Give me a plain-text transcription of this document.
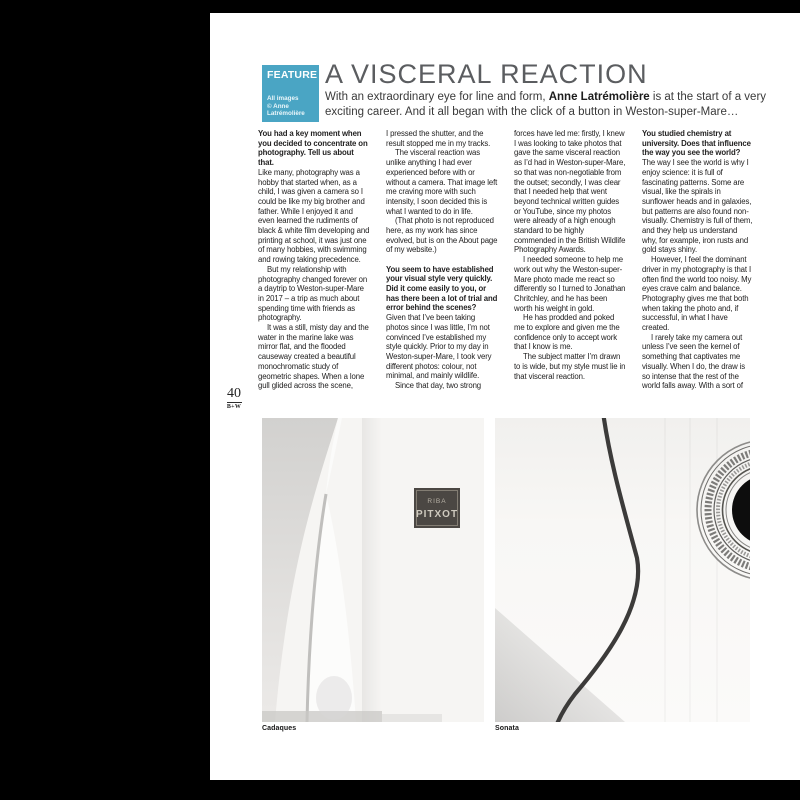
FEATURE
All images
© Anne
Latrémolière
A VISCERAL REACTION

With an extraordinary eye for line and form, Anne Latrémolière is at the start of a very exciting career. And it all began with the click of a button in Weston-super-Mare…

40
B+W

You had a key moment when you decided to concentrate on photography. Tell us about that.

Like many, photography was a hobby that started when, as a child, I was given a camera so I could be like my big brother and father. While I enjoyed it and even learned the rudiments of black & white film developing and printing at school, it was just one of many hobbies, with swimming and rowing taking precedence.

But my relationship with photography changed forever on a daytrip to Weston-super-Mare in 2017 – a trip as much about spending time with friends as photography.

It was a still, misty day and the water in the marine lake was mirror flat, and the flooded causeway created a beautiful monochromatic study of geometric shapes. When a lone gull glided across the scene,

I pressed the shutter, and the result stopped me in my tracks.

The visceral reaction was unlike anything I had ever experienced before with or without a camera. That image left me craving more with such intensity, I soon decided this is what I wanted to do in life.

(That photo is not reproduced here, as my work has since evolved, but is on the About page of my website.)

You seem to have established your visual style very quickly. Did it come easily to you, or has there been a lot of trial and error behind the scenes?

Given that I’ve been taking photos since I was little, I’m not convinced I’ve established my style quickly. Prior to my day in Weston-super-Mare, I took very different photos: colour, not minimal, and mainly wildlife.

Since that day, two strong

forces have led me: firstly, I knew I was looking to take photos that gave the same visceral reaction as I’d had in Weston-super-Mare, so that was non-negotiable from the outset; secondly, I was clear that I needed help that went beyond technical written guides or YouTube, since my photos were already of a high enough standard to be highly commended in the British Wildlife Photography Awards.

I needed someone to help me work out why the Weston-super-Mare photo made me react so differently so I turned to Jonathan Chritchley, and he has been worth his weight in gold.

He has prodded and poked me to explore and given me the confidence only to accept work that I know is me.

The subject matter I’m drawn to is wide, but my style must lie in that visceral reaction.

You studied chemistry at university. Does that influence the way you see the world?

The way I see the world is why I enjoy science: it is full of fascinating patterns. Some are visual, like the spirals in sunflower heads and in galaxies, but patterns are also found non-visually. Chemistry is full of them, and they help us understand why, for example, iron rusts and gold stays shiny.

However, I feel the dominant driver in my photography is that I often find the world too noisy. My eyes crave calm and balance. Photography gives me that both when taking the photo and, if successful, in what I have created.

I rarely take my camera out unless I’ve seen the kernel of something that captivates me visually. When I do, the draw is so intense that the rest of the world falls away. With a sort of

RIBA
PITXOT
Cadaques	Sonata
